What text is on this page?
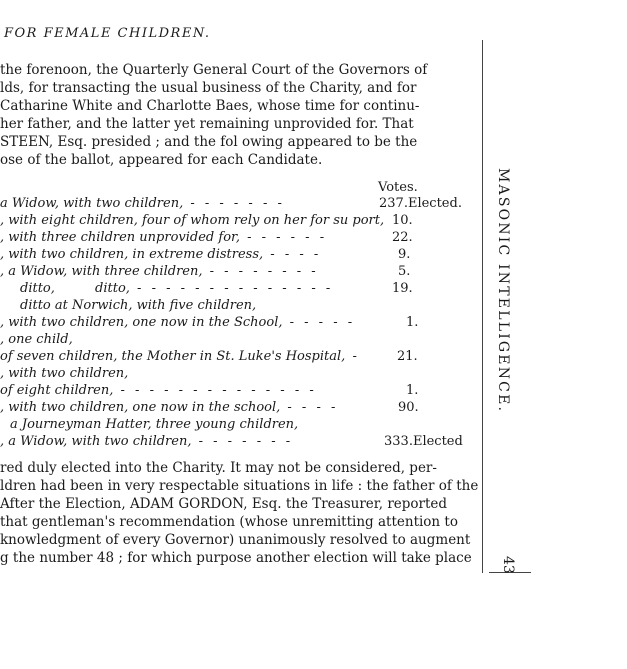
FOR FEMALE CHILDREN.
the forenoon, the Quarterly General Court of the Governors of
lds, for transacting the usual business of the Charity, and for
Catharine White and Charlotte Baes, whose time for continu-
her father, and the latter yet remaining unprovided for. That
STEEN, Esq. presided ; and the fol owing appeared to be the
ose of the ballot, appeared for each Candidate.
Votes.
a Widow, with two children, - - - - - - -	237.Elected.
, with eight children, four of whom rely on her for su port, 10.
, with three children unprovided for, - - - - - -	22.
, with two children, in extreme distress, - - - -	9.
, a Widow, with three children, - - - - - - - -	5.
ditto,	ditto, - - - - - - - - - - - - - -	19.
ditto at Norwich, with five children,
, with two children, one now in the School, - - - - -	1.
, one child,
of seven children, the Mother in St. Luke's Hospital, -	21.
, with two children,
of eight children, - - - - - - - - - - - - - -	1.
, with two children, one now in the school, - - - -	90.
a Journeyman Hatter, three young children,
, a Widow, with two children, - - - - - - -	333.Elected
red duly elected into the Charity. It may not be considered, per-
ldren had been in very respectable situations in life : the father of the
After the Election, ADAM GORDON, Esq. the Treasurer, reported
that gentleman's recommendation (whose unremitting attention to
knowledgment of every Governor) unanimously resolved to augment
g the number 48 ; for which purpose another election will take place
MASONIC INTELLIGENCE.
43
